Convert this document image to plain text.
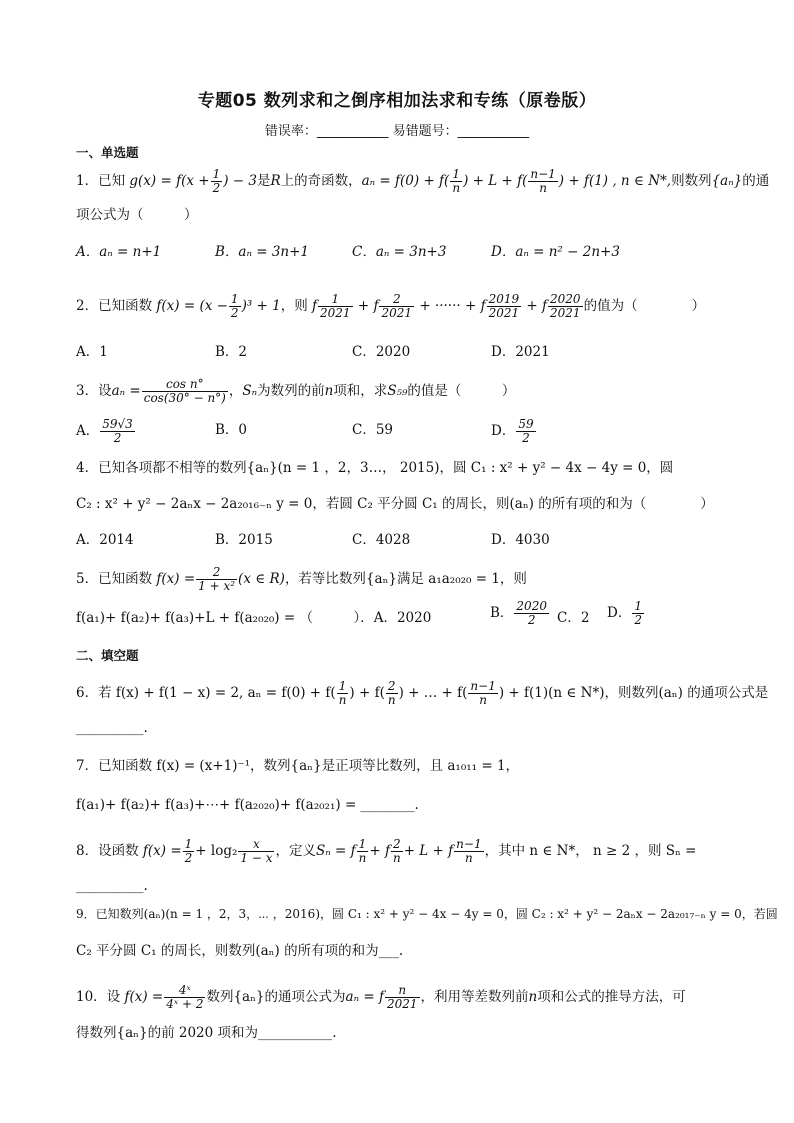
专题05 数列求和之倒序相加法求和专练（原卷版）
错误率：___________ 易错题号：___________
一、单选题
1．已知 $g(x) = f(x + \frac{1}{2}$ ) − 3是R上的奇函数，$a_n = f(0) + f( \frac{1}{n}$ ) + $L + f( \frac{n-1}{n}$ ) + f(1) , n ∈ N*,则数列{aₙ}的通
项公式为（　　　）
A．aₙ = n+1	B．aₙ = 3n+1	C．aₙ = 3n+3	D．aₙ = n² − 2n+3
2．已知函数 $f(x) = (x - \frac{1}{2} )^3 + 1$，则 f $\frac{1}{2021} + f \frac{2}{2021}$ + ······ + f $\frac{2019}{2021} + f \frac{2020}{2021}$ 的值为（　　　　）
A．1	B．2	C．2020	D．2021
3．设$a_n = \frac{\text{cos n°}}{\cos(30^\circ - n^\circ)}$ ，Sₙ为数列的前n项和，求S₅₉的值是（　　　）
A． $\frac{59√3}{2}$	B．0	C．59	D． $\frac{59}{2}$
4．已知各项都不相等的数列{aₙ}(n = 1 ，2，3…， 2015)，圆 C₁ : x² + y² − 4x − 4y = 0，圆
C₂ : x² + y² − 2aₙx − 2a₂₀₁₆₋ₙ y = 0，若圆 C₂ 平分圆 C₁ 的周长，则(aₙ) 的所有项的和为（　　　　）
A．2014	B．2015	C．4028	D．4030
5．已知函数 $f(x) = \frac{2}{\text{1 + x²}} (x$ ∈ R)，若等比数列{aₙ}满足 a₁a₂₀₂₀ = 1，则
f(a₁)+ f(a₂)+ f(a₃)+L + f(a₂₀₂₀) = （　　　）．A．2020	B． $\frac{2020}{2}$ C．2 D． $\frac{1}{2}$
二、填空题
6．若 f(x) + f(1 − x) = 2, $a_n = f(0) + f( \frac{1}{n}$ ) + $f( \frac{2}{n}$ ) + … + $f( \frac{n-1}{n}$ ) + f(1)(n ∈ N*)，则数列(aₙ) 的通项公式是
__________.
7．已知函数 f(x) = (x+1)⁻¹，数列{aₙ}是正项等比数列，且 a₁₀₁₁ = 1，
f(a₁)+ f(a₂)+ f(a₃)+⋯+ f(a₂₀₂₀)+ f(a₂₀₂₁) = ________.
8．设函数 $f(x) = \frac{1}{2} + \log_2 \frac{x}{1 - x}$ ，定义Sₙ = f $\frac{1}{n} + f \frac{2}{n} + L + f \frac{n-1}{n}$ ，其中 n ∈ N*， n ≥ 2 ，则 Sₙ =
__________.
9．已知数列(aₙ)(n = 1 ，2，3，⋯ ，2016)，圆 C₁ : x² + y² − 4x − 4y = 0，圆 C₂ : x² + y² − 2aₙx − 2a₂₀₁₇₋ₙ y = 0，若圆
C₂ 平分圆 C₁ 的周长，则数列(aₙ) 的所有项的和为___.
10．设 $f(x) = \frac{\text{4ˣ}}{\text{4ˣ + 2}}$ 数列{aₙ}的通项公式为aₙ = f $\frac{n}{2021}$ ，利用等差数列前n项和公式的推导方法，可
得数列{aₙ}的前 2020 项和为___________.
